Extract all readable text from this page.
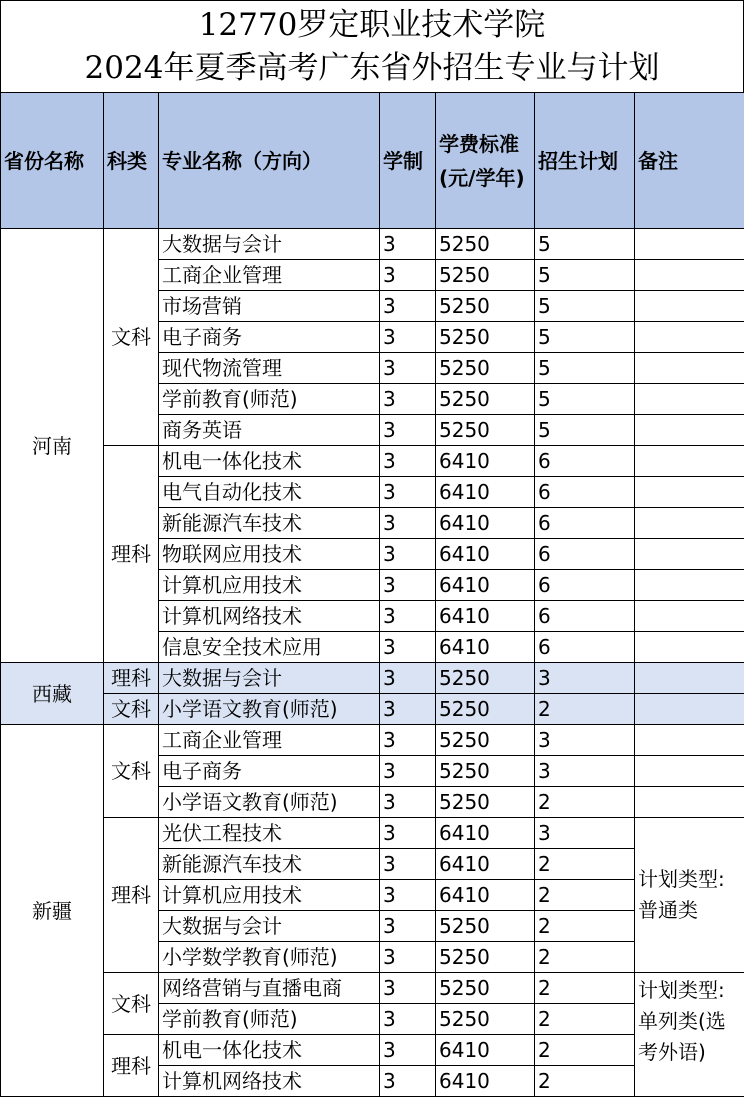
12770罗定职业技术学院
2024年夏季高考广东省外招生专业与计划
省份名称	科类	专业名称（方向）	学制	学费标准(元/学年)	招生计划	备注
河南	文科	大数据与会计	3	5250	5	
		工商企业管理	3	5250	5	
		市场营销	3	5250	5	
		电子商务	3	5250	5	
		现代物流管理	3	5250	5	
		学前教育(师范)	3	5250	5	
		商务英语	3	5250	5	
	理科	机电一体化技术	3	6410	6	
		电气自动化技术	3	6410	6	
		新能源汽车技术	3	6410	6	
		物联网应用技术	3	6410	6	
		计算机应用技术	3	6410	6	
		计算机网络技术	3	6410	6	
		信息安全技术应用	3	6410	6	
西藏	理科	大数据与会计	3	5250	3	
	文科	小学语文教育(师范)	3	5250	2	
新疆	文科	工商企业管理	3	5250	3	
		电子商务	3	5250	3	
		小学语文教育(师范)	3	5250	2	
	理科	光伏工程技术	3	6410	3	计划类型:普通类
		新能源汽车技术	3	6410	2	
		计算机应用技术	3	6410	2	
		大数据与会计	3	5250	2	
		小学数学教育(师范)	3	5250	2	
	文科	网络营销与直播电商	3	5250	2	计划类型:单列类(选考外语)
		学前教育(师范)	3	5250	2	
	理科	机电一体化技术	3	6410	2	
		计算机网络技术	3	6410	2	
